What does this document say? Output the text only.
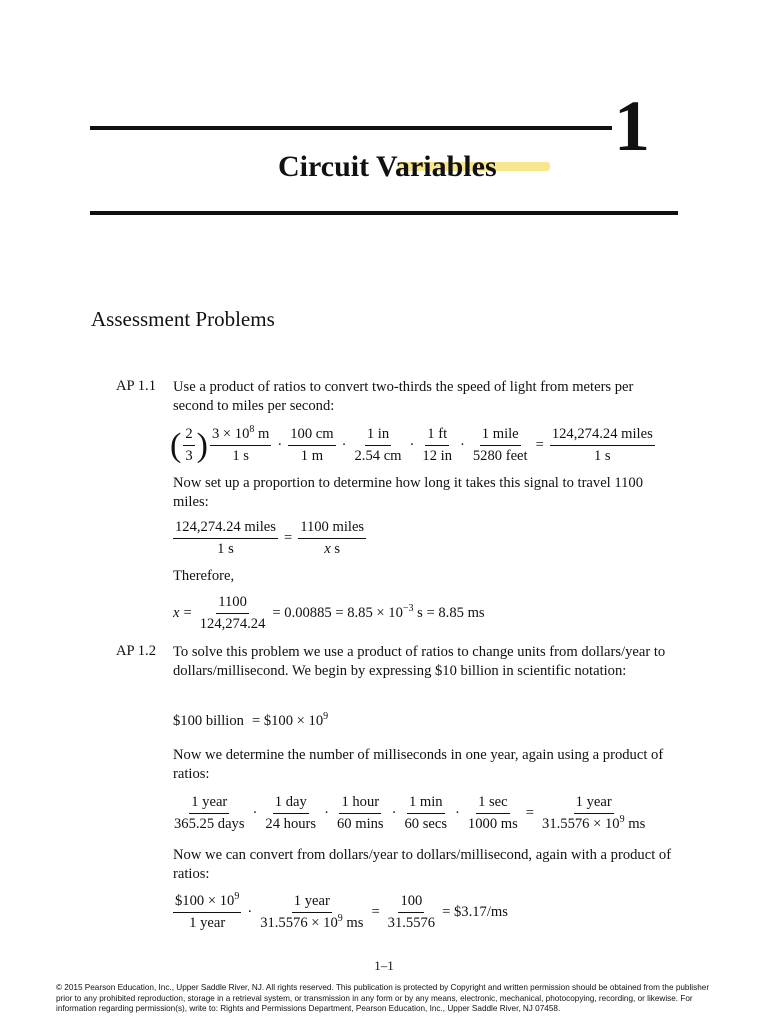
1
Circuit Variables
Assessment Problems
AP 1.1 Use a product of ratios to convert two-thirds the speed of light from meters per second to miles per second:
( $\frac{2}{3}$ ) $\frac{3 \times 10^8 m}{1 s} \cdot \frac{100 cm}{1 m} \cdot \frac{1 in}{2.54 cm} \cdot \frac{1 ft}{12 in} \cdot \frac{\text{1 mile}}{\text{5280 feet}} = \frac{\text{124,274.24 miles}}{1 s}$
Now set up a proportion to determine how long it takes this signal to travel 1100 miles:
$\frac{\text{124,274.24 miles}}{1 s} = \frac{\text{1100 miles}}{\text{x s}}$
Therefore,
$x = \frac{1100}{124,274.24} = 0.00885 = 8.85 \times 10^{-3}$ s = 8.85 ms
AP 1.2 To solve this problem we use a product of ratios to change units from dollars/year to dollars/millisecond. We begin by expressing $10 billion in scientific notation:
$100 billion = $100 × $10^9$
Now we determine the number of milliseconds in one year, again using a product of ratios:
$\frac{\text{1 year}}{\text{365.25 days}} \cdot \frac{\text{1 day}}{\text{24 hours}} \cdot \frac{\text{1 hour}}{60 \min s} \cdot \frac{1 \min}{60 \sec s} \cdot \frac{1 \sec}{1000 ms} = \frac{\text{1 year}}{31.5576 \times 10^9 ms}$
Now we can convert from dollars/year to dollars/millisecond, again with a product of ratios:
$\frac{\$100 \times 10^9}{\text{1 year}} \cdot \frac{\text{1 year}}{31.5576 \times 10^9 ms} = \frac{100}{31.5576}$ = $3.17/ms
1–1
© 2015 Pearson Education, Inc., Upper Saddle River, NJ. All rights reserved. This publication is protected by Copyright and written permission should be obtained from the publisher prior to any prohibited reproduction, storage in a retrieval system, or transmission in any form or by any means, electronic, mechanical, photocopying, recording, or likewise. For information regarding permission(s), write to: Rights and Permissions Department, Pearson Education, Inc., Upper Saddle River, NJ 07458.
